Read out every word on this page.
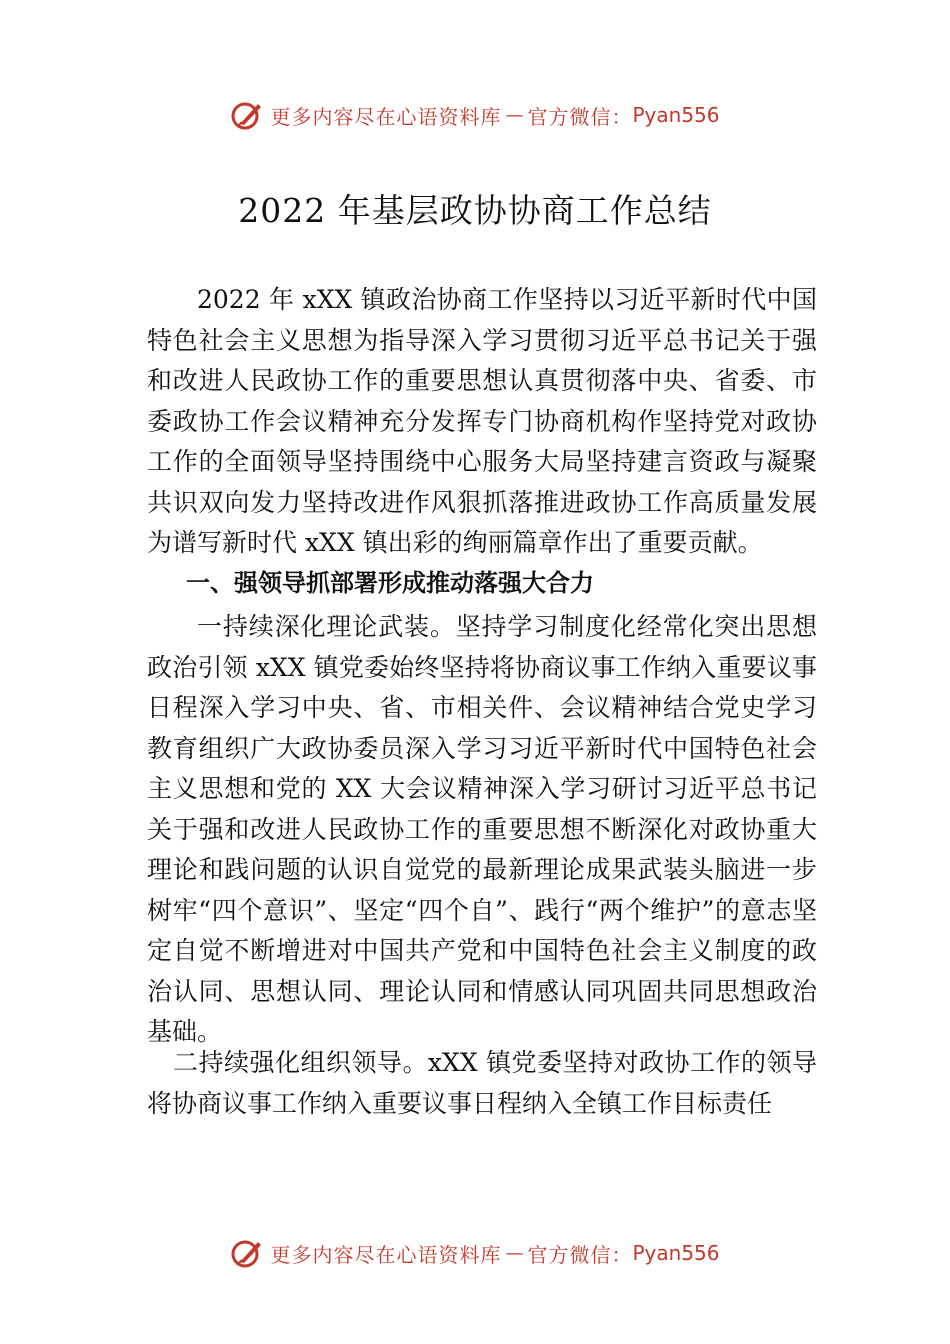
更多内容尽在心语资料库 — 官方微信： Pyan556
2022 年基层政协协商工作总结

2022 年 xXX 镇政治协商工作坚持以习近平新时代中国特色社会主义思想为指导深入学习贯彻习近平总书记关于强和改进人民政协工作的重要思想认真贯彻落中央、省委、市委政协工作会议精神充分发挥专门协商机构作坚持党对政协工作的全面领导坚持围绕中心服务大局坚持建言资政与凝聚共识双向发力坚持改进作风狠抓落推进政协工作高质量发展为谱写新时代 xXX 镇出彩的绚丽篇章作出了重要贡献。

一、强领导抓部署形成推动落强大合力

一持续深化理论武装。坚持学习制度化经常化突出思想政治引领 xXX 镇党委始终坚持将协商议事工作纳入重要议事日程深入学习中央、省、市相关件、会议精神结合党史学习教育组织广大政协委员深入学习习近平新时代中国特色社会主义思想和党的 XX 大会议精神深入学习研讨习近平总书记关于强和改进人民政协工作的重要思想不断深化对政协重大理论和践问题的认识自觉党的最新理论成果武装头脑进一步树牢“四个意识”、坚定“四个自”、践行“两个维护”的意志坚定自觉不断增进对中国共产党和中国特色社会主义制度的政治认同、思想认同、理论认同和情感认同巩固共同思想政治基础。

二持续强化组织领导。xXX 镇党委坚持对政协工作的领导 将协商议事工作纳入重要议事日程纳入全镇工作目标责任

更多内容尽在心语资料库 — 官方微信： Pyan556
